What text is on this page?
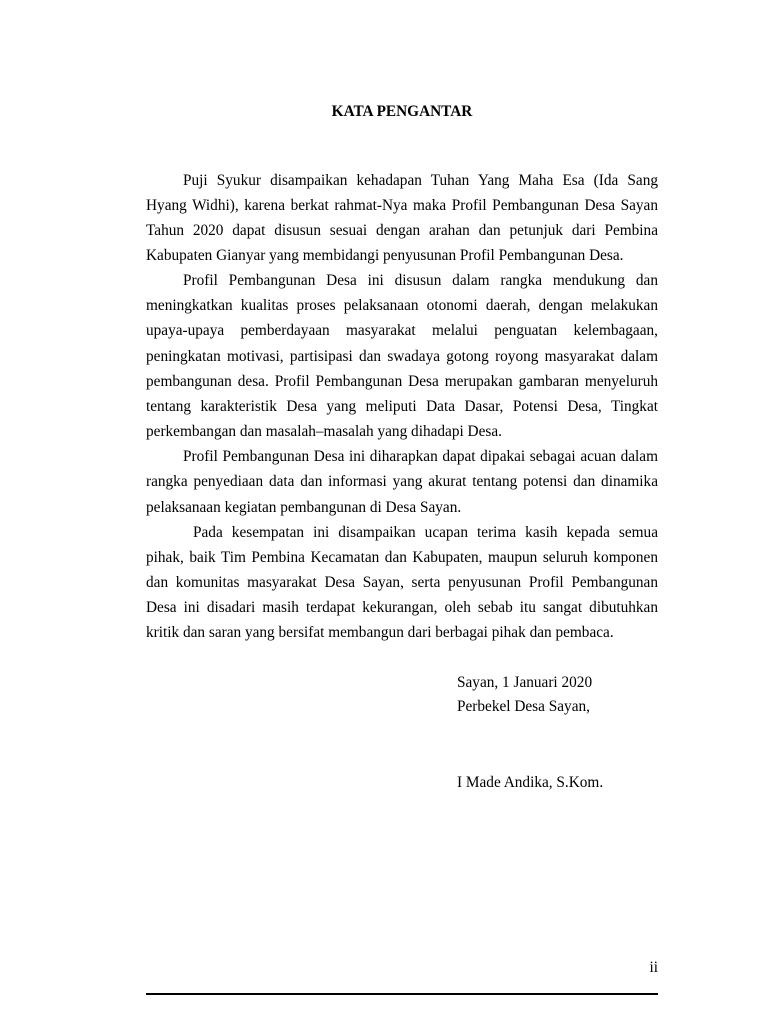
KATA PENGANTAR
Puji Syukur disampaikan kehadapan Tuhan Yang Maha Esa (Ida Sang
Hyang Widhi), karena berkat rahmat-Nya maka Profil Pembangunan Desa Sayan
Tahun 2020 dapat disusun sesuai dengan arahan dan petunjuk dari Pembina
Kabupaten Gianyar yang membidangi penyusunan Profil Pembangunan Desa.
Profil Pembangunan Desa ini disusun dalam rangka mendukung dan
meningkatkan kualitas proses pelaksanaan otonomi daerah, dengan melakukan
upaya-upaya pemberdayaan masyarakat melalui penguatan kelembagaan,
peningkatan motivasi, partisipasi dan swadaya gotong royong masyarakat dalam
pembangunan desa. Profil Pembangunan Desa merupakan gambaran menyeluruh
tentang karakteristik Desa yang meliputi Data Dasar, Potensi Desa, Tingkat
perkembangan dan masalah–masalah yang dihadapi Desa.
Profil Pembangunan Desa ini diharapkan dapat dipakai sebagai acuan dalam
rangka penyediaan data dan informasi yang akurat tentang potensi dan dinamika
pelaksanaan kegiatan pembangunan di Desa Sayan.
Pada kesempatan ini disampaikan ucapan terima kasih kepada semua
pihak, baik Tim Pembina Kecamatan dan Kabupaten, maupun seluruh komponen
dan komunitas masyarakat Desa Sayan, serta penyusunan Profil Pembangunan
Desa ini disadari masih terdapat kekurangan, oleh sebab itu sangat dibutuhkan
kritik dan saran yang bersifat membangun dari berbagai pihak dan pembaca.
Sayan, 1 Januari 2020
Perbekel Desa Sayan,
I Made Andika, S.Kom.
ii
